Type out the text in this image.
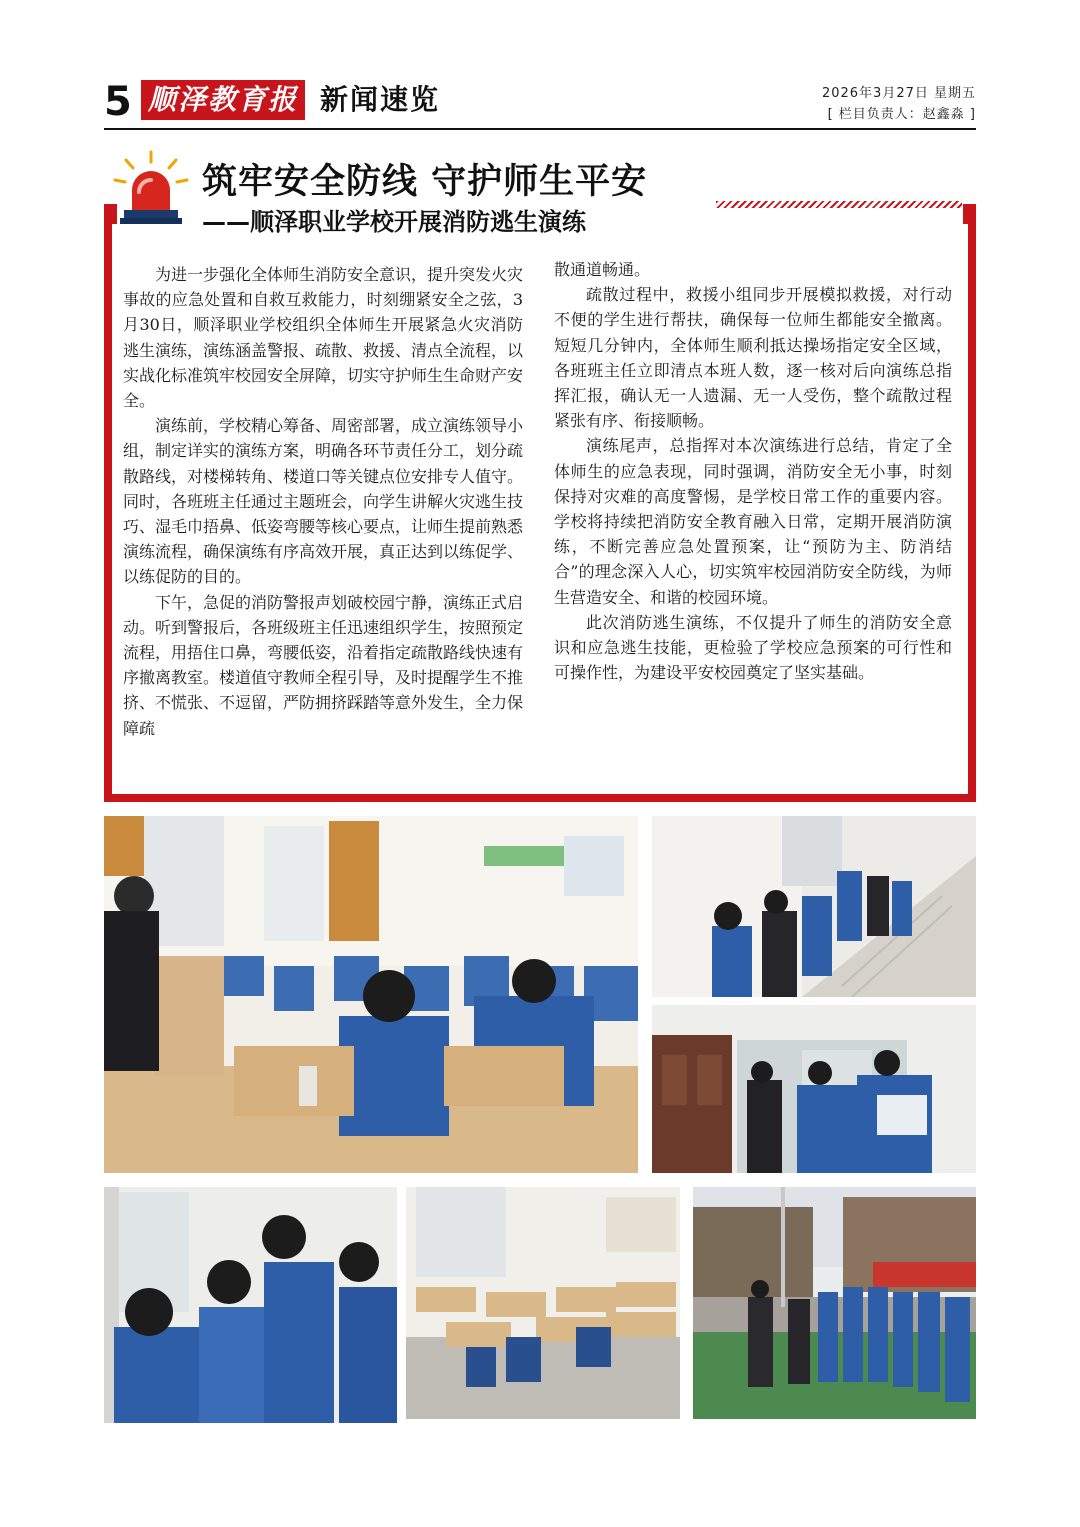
5 顺泽教育报 新闻速览	2026年3月27日 星期五
[ 栏目负责人：赵鑫淼 ]
筑牢安全防线 守护师生平安
——顺泽职业学校开展消防逃生演练

为进一步强化全体师生消防安全意识，提升突发火灾事故的应急处置和自救互救能力，时刻绷紧安全之弦，3月30日，顺泽职业学校组织全体师生开展紧急火灾消防逃生演练，演练涵盖警报、疏散、救援、清点全流程，以实战化标准筑牢校园安全屏障，切实守护师生生命财产安全。

演练前，学校精心筹备、周密部署，成立演练领导小组，制定详实的演练方案，明确各环节责任分工，划分疏散路线，对楼梯转角、楼道口等关键点位安排专人值守。同时，各班班主任通过主题班会，向学生讲解火灾逃生技巧、湿毛巾捂鼻、低姿弯腰等核心要点，让师生提前熟悉演练流程，确保演练有序高效开展，真正达到以练促学、以练促防的目的。

下午，急促的消防警报声划破校园宁静，演练正式启动。听到警报后，各班级班主任迅速组织学生，按照预定流程，用捂住口鼻，弯腰低姿，沿着指定疏散路线快速有序撤离教室。楼道值守教师全程引导，及时提醒学生不推挤、不慌张、不逗留，严防拥挤踩踏等意外发生，全力保障疏

散通道畅通。

疏散过程中，救援小组同步开展模拟救援，对行动不便的学生进行帮扶，确保每一位师生都能安全撤离。短短几分钟内，全体师生顺利抵达操场指定安全区域，各班班主任立即清点本班人数，逐一核对后向演练总指挥汇报，确认无一人遗漏、无一人受伤，整个疏散过程紧张有序、衔接顺畅。

演练尾声，总指挥对本次演练进行总结，肯定了全体师生的应急表现，同时强调，消防安全无小事，时刻保持对灾难的高度警惕，是学校日常工作的重要内容。学校将持续把消防安全教育融入日常，定期开展消防演练，不断完善应急处置预案，让“预防为主、防消结合”的理念深入人心，切实筑牢校园消防安全防线，为师生营造安全、和谐的校园环境。

此次消防逃生演练，不仅提升了师生的消防安全意识和应急逃生技能，更检验了学校应急预案的可行性和可操作性，为建设平安校园奠定了坚实基础。
